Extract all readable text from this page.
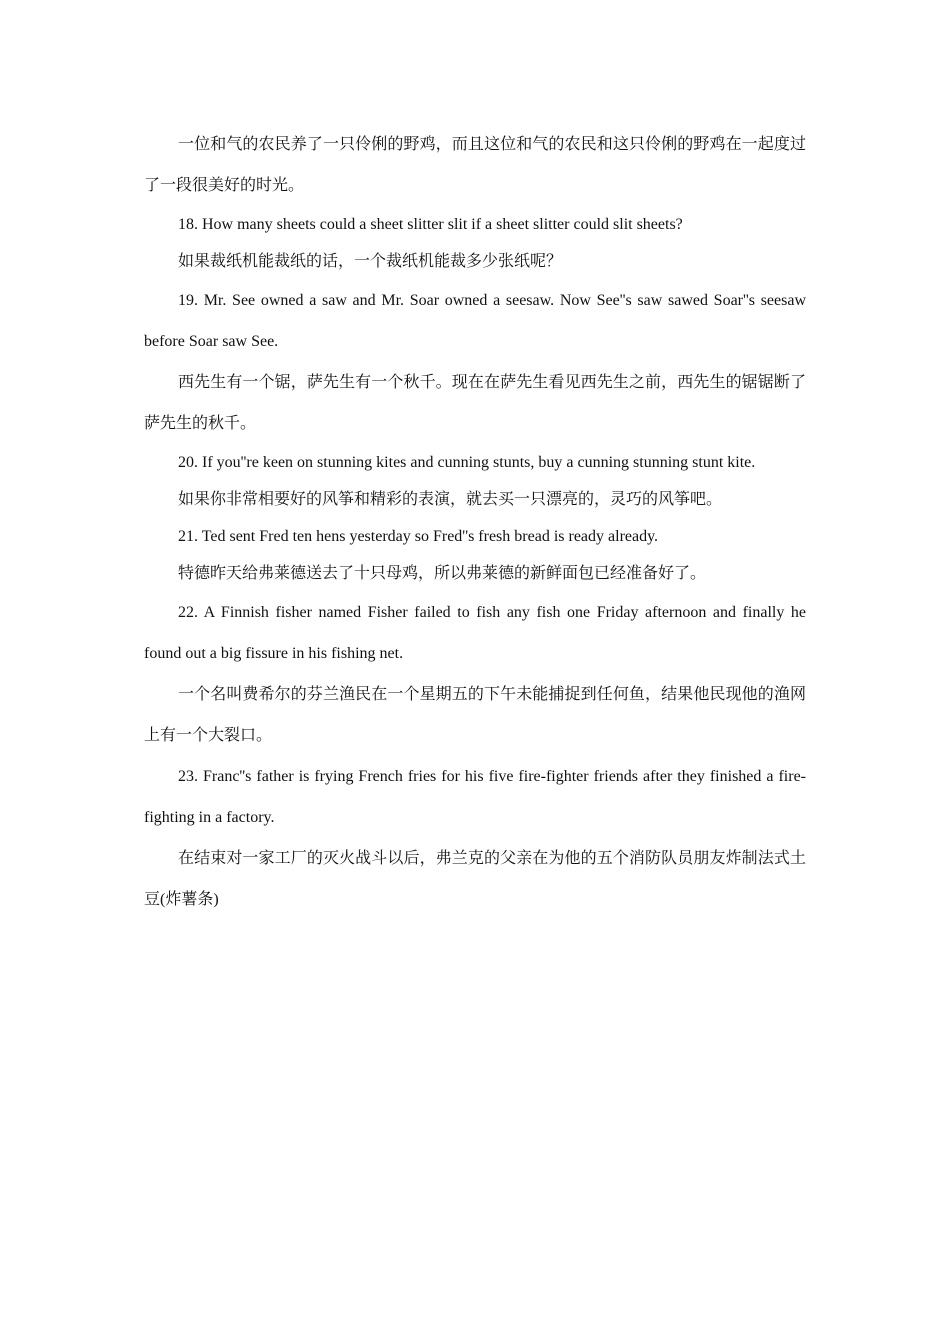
一位和气的农民养了一只伶俐的野鸡，而且这位和气的农民和这只伶俐的野鸡在一起度过了一段很美好的时光。

18. How many sheets could a sheet slitter slit if a sheet slitter could slit sheets?

如果裁纸机能裁纸的话，一个裁纸机能裁多少张纸呢？

19. Mr. See owned a saw and Mr. Soar owned a seesaw. Now See''s saw sawed Soar''s seesaw before Soar saw See.

西先生有一个锯，萨先生有一个秋千。现在在萨先生看见西先生之前，西先生的锯锯断了萨先生的秋千。

20. If you''re keen on stunning kites and cunning stunts, buy a cunning stunning stunt kite.

如果你非常相要好的风筝和精彩的表演，就去买一只漂亮的，灵巧的风筝吧。

21. Ted sent Fred ten hens yesterday so Fred''s fresh bread is ready already.

特德昨天给弗莱德送去了十只母鸡，所以弗莱德的新鲜面包已经准备好了。

22. A Finnish fisher named Fisher failed to fish any fish one Friday afternoon and finally he found out a big fissure in his fishing net.

一个名叫费希尔的芬兰渔民在一个星期五的下午未能捕捉到任何鱼，结果他民现他的渔网上有一个大裂口。

23. Franc''s father is frying French fries for his five fire-fighter friends after they finished a fire-fighting in a factory.

在结束对一家工厂的灭火战斗以后，弗兰克的父亲在为他的五个消防队员朋友炸制法式土豆(炸薯条)
